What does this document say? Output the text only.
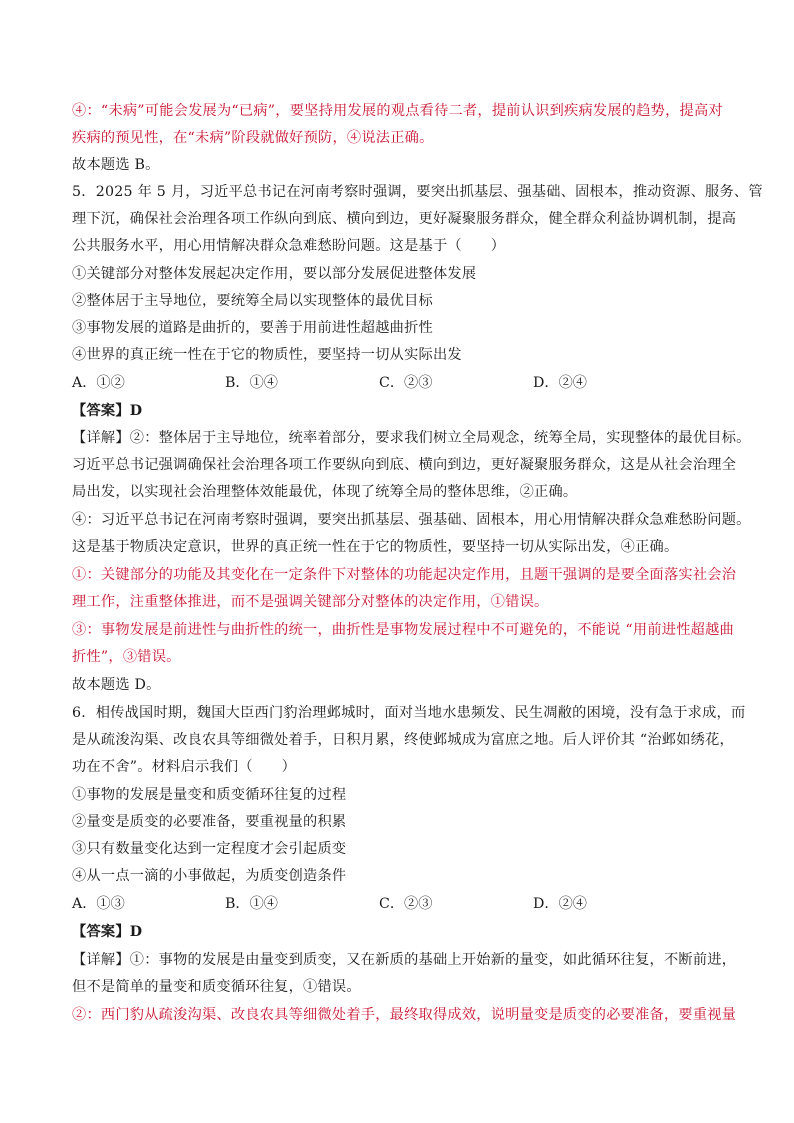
④：“未病”可能会发展为“已病”，要坚持用发展的观点看待二者，提前认识到疾病发展的趋势，提高对
疾病的预见性，在“未病”阶段就做好预防，④说法正确。
故本题选 B。
5．2025 年 5 月，习近平总书记在河南考察时强调，要突出抓基层、强基础、固根本，推动资源、服务、管
理下沉，确保社会治理各项工作纵向到底、横向到边，更好凝聚服务群众，健全群众利益协调机制，提高
公共服务水平，用心用情解决群众急难愁盼问题。这是基于（　　）
①关键部分对整体发展起决定作用，要以部分发展促进整体发展
②整体居于主导地位，要统筹全局以实现整体的最优目标
③事物发展的道路是曲折的，要善于用前进性超越曲折性
④世界的真正统一性在于它的物质性，要坚持一切从实际出发
A．①②	B．①④	C．②③	D．②④
【答案】D
【详解】②：整体居于主导地位，统率着部分，要求我们树立全局观念，统筹全局，实现整体的最优目标。
习近平总书记强调确保社会治理各项工作要纵向到底、横向到边，更好凝聚服务群众，这是从社会治理全
局出发，以实现社会治理整体效能最优，体现了统筹全局的整体思维，②正确。
④：习近平总书记在河南考察时强调，要突出抓基层、强基础、固根本，用心用情解决群众急难愁盼问题。
这是基于物质决定意识，世界的真正统一性在于它的物质性，要坚持一切从实际出发，④正确。
①：关键部分的功能及其变化在一定条件下对整体的功能起决定作用，且题干强调的是要全面落实社会治
理工作，注重整体推进，而不是强调关键部分对整体的决定作用，①错误。
③：事物发展是前进性与曲折性的统一，曲折性是事物发展过程中不可避免的，不能说 “用前进性超越曲
折性”，③错误。
故本题选 D。
6．相传战国时期，魏国大臣西门豹治理邺城时，面对当地水患频发、民生凋敝的困境，没有急于求成，而
是从疏浚沟渠、改良农具等细微处着手，日积月累，终使邺城成为富庶之地。后人评价其 “治邺如绣花，
功在不舍”。材料启示我们（　　）
①事物的发展是量变和质变循环往复的过程
②量变是质变的必要准备，要重视量的积累
③只有数量变化达到一定程度才会引起质变
④从一点一滴的小事做起，为质变创造条件
A．①③	B．①④	C．②③	D．②④
【答案】D
【详解】①：事物的发展是由量变到质变，又在新质的基础上开始新的量变，如此循环往复，不断前进，
但不是简单的量变和质变循环往复，①错误。
②：西门豹从疏浚沟渠、改良农具等细微处着手，最终取得成效，说明量变是质变的必要准备，要重视量
